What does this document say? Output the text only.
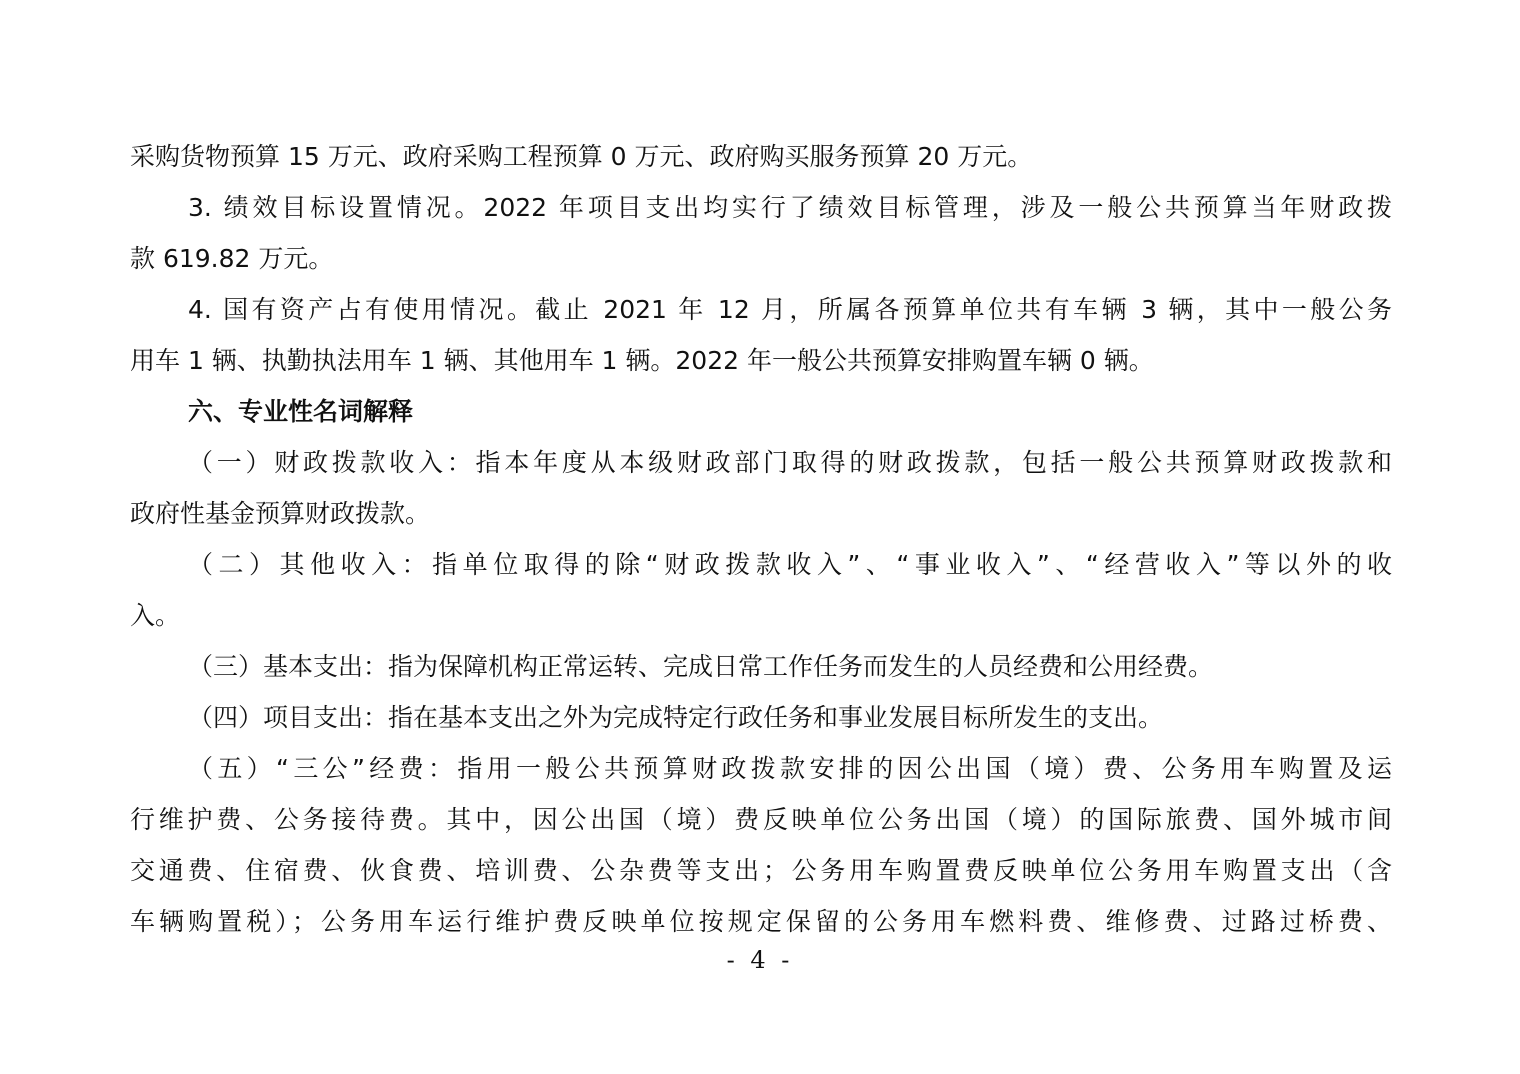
采购货物预算 15 万元、政府采购工程预算 0 万元、政府购买服务预算 20 万元。
3. 绩效目标设置情况。2022 年项目支出均实行了绩效目标管理，涉及一般公共预算当年财政拨
款 619.82 万元。
4. 国有资产占有使用情况。截止 2021 年 12 月，所属各预算单位共有车辆 3 辆，其中一般公务
用车 1 辆、执勤执法用车 1 辆、其他用车 1 辆。2022 年一般公共预算安排购置车辆 0 辆。
六、专业性名词解释
（一）财政拨款收入：指本年度从本级财政部门取得的财政拨款，包括一般公共预算财政拨款和
政府性基金预算财政拨款。
（二）其他收入：指单位取得的除“财政拨款收入”、“事业收入”、“经营收入”等以外的收
入。
（三）基本支出：指为保障机构正常运转、完成日常工作任务而发生的人员经费和公用经费。
（四）项目支出：指在基本支出之外为完成特定行政任务和事业发展目标所发生的支出。
（五）“三公”经费：指用一般公共预算财政拨款安排的因公出国（境）费、公务用车购置及运
行维护费、公务接待费。其中，因公出国（境）费反映单位公务出国（境）的国际旅费、国外城市间
交通费、住宿费、伙食费、培训费、公杂费等支出；公务用车购置费反映单位公务用车购置支出（含
车辆购置税）；公务用车运行维护费反映单位按规定保留的公务用车燃料费、维修费、过路过桥费、
- 4 -
